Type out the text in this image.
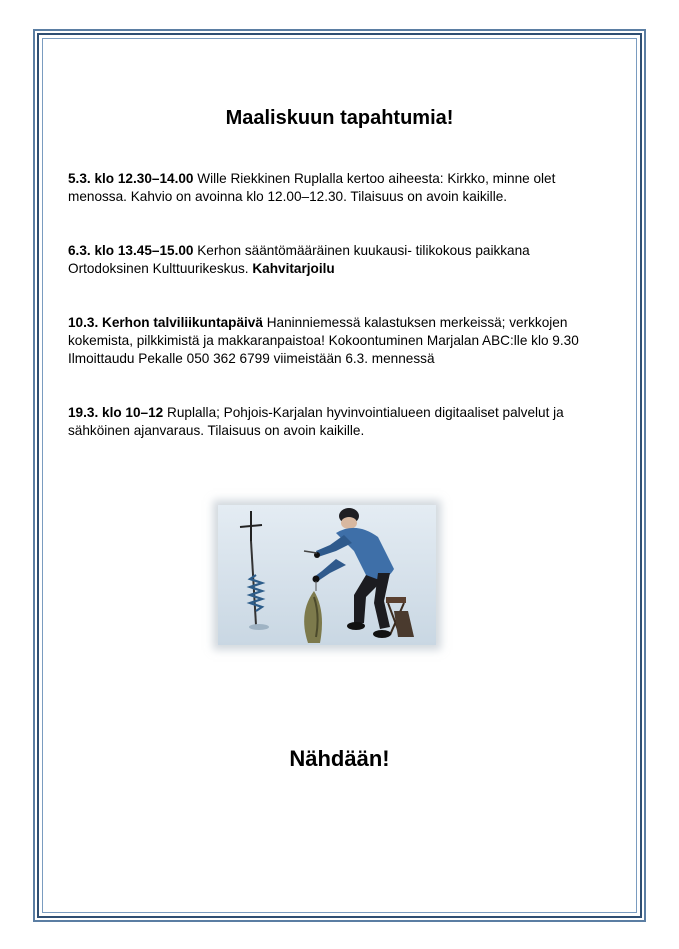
Maaliskuun tapahtumia!
5.3. klo 12.30–14.00 Wille Riekkinen Ruplalla kertoo aiheesta: Kirkko, minne olet menossa. Kahvio on avoinna klo 12.00–12.30. Tilaisuus on avoin kaikille.
6.3. klo 13.45–15.00 Kerhon sääntömääräinen kuukausi- tilikokous paikkana Ortodoksinen Kulttuurikeskus. Kahvitarjoilu
10.3. Kerhon talviliikuntapäivä Haninniemessä kalastuksen merkeissä; verkkojen kokemista, pilkkimistä ja makkaranpaistoa! Kokoontuminen Marjalan ABC:lle klo 9.30 Ilmoittaudu Pekalle 050 362 6799 viimeistään 6.3. mennessä
19.3. klo 10–12 Ruplalla; Pohjois-Karjalan hyvinvointialueen digitaaliset palvelut ja sähköinen ajanvaraus. Tilaisuus on avoin kaikille.
Nähdään!
